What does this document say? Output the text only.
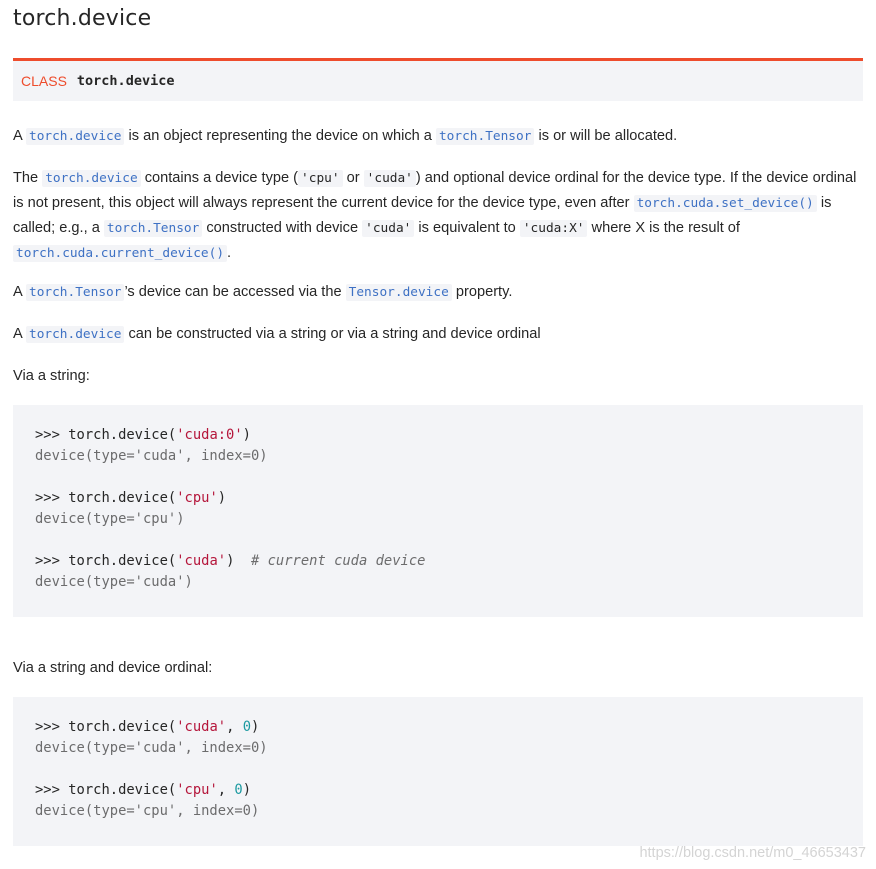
torch.device
CLASS torch.device
A torch.device is an object representing the device on which a torch.Tensor is or will be allocated.
The torch.device contains a device type ( 'cpu' or 'cuda' ) and optional device ordinal for the device type. If the device ordinal is not present, this object will always represent the current device for the device type, even after torch.cuda.set_device() is called; e.g., a torch.Tensor constructed with device 'cuda' is equivalent to 'cuda:X' where X is the result of torch.cuda.current_device() .
A torch.Tensor ’s device can be accessed via the Tensor.device property.
A torch.device can be constructed via a string or via a string and device ordinal
Via a string:
>>> torch.device('cuda:0')
device(type='cuda', index=0)
>>> torch.device('cpu')
device(type='cpu')
>>> torch.device('cuda') # current cuda device
device(type='cuda')
Via a string and device ordinal:
>>> torch.device('cuda', 0)
device(type='cuda', index=0)
>>> torch.device('cpu', 0)
device(type='cpu', index=0)
https://blog.csdn.net/m0_46653437
